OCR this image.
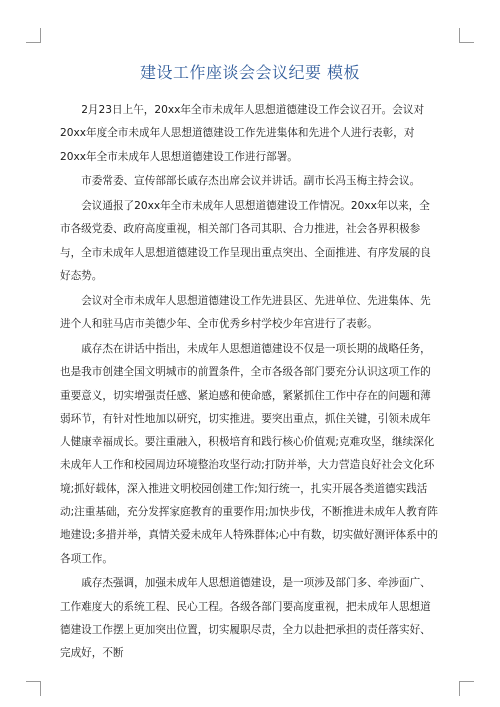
建设工作座谈会会议纪要 模板

2月23日上午，20xx年全市未成年人思想道德建设工作会议召开。会议对20xx年度全市未成年人思想道德建设工作先进集体和先进个人进行表彰，对20xx年全市未成年人思想道德建设工作进行部署。

市委常委、宣传部部长戚存杰出席会议并讲话。副市长冯玉梅主持会议。

会议通报了20xx年全市未成年人思想道德建设工作情况。20xx年以来，全市各级党委、政府高度重视，相关部门各司其职、合力推进，社会各界积极参与，全市未成年人思想道德建设工作呈现出重点突出、全面推进、有序发展的良好态势。

会议对全市未成年人思想道德建设工作先进县区、先进单位、先进集体、先进个人和驻马店市美德少年、全市优秀乡村学校少年宫进行了表彰。

戚存杰在讲话中指出，未成年人思想道德建设不仅是一项长期的战略任务，也是我市创建全国文明城市的前置条件，全市各级各部门要充分认识这项工作的重要意义，切实增强责任感、紧迫感和使命感，紧紧抓住工作中存在的问题和薄弱环节，有针对性地加以研究，切实推进。要突出重点，抓住关键，引领未成年人健康幸福成长。要注重融入，积极培育和践行核心价值观;克难攻坚，继续深化未成年人工作和校园周边环境整治攻坚行动;打防并举，大力营造良好社会文化环境;抓好载体，深入推进文明校园创建工作;知行统一，扎实开展各类道德实践活动;注重基础，充分发挥家庭教育的重要作用;加快步伐，不断推进未成年人教育阵地建设;多措并举，真情关爱未成年人特殊群体;心中有数，切实做好测评体系中的各项工作。

戚存杰强调，加强未成年人思想道德建设，是一项涉及部门多、牵涉面广、工作难度大的系统工程、民心工程。各级各部门要高度重视，把未成年人思想道德建设工作摆上更加突出位置，切实履职尽责，全力以赴把承担的责任落实好、完成好，不断
